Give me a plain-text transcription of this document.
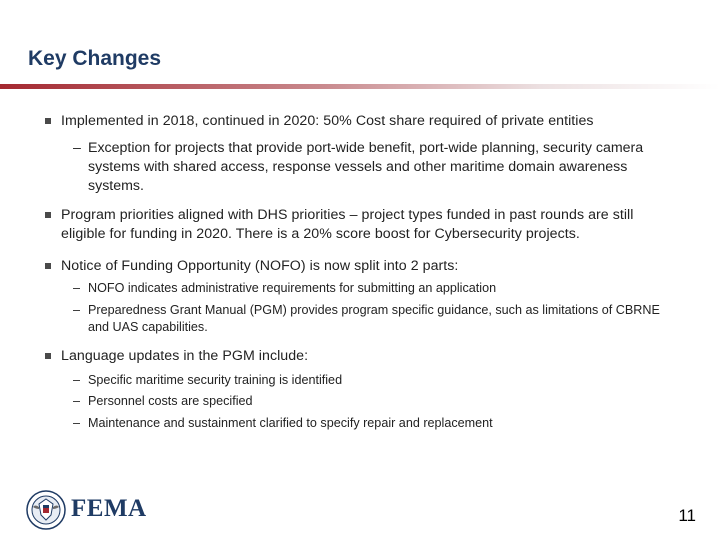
Key Changes
Implemented in 2018, continued in 2020: 50% Cost share required of private entities
– Exception for projects that provide port-wide benefit, port-wide planning, security camera systems with shared access, response vessels and other maritime domain awareness systems.
Program priorities aligned with DHS priorities – project types funded in past rounds are still eligible for funding in 2020. There is a 20% score boost for Cybersecurity projects.
Notice of Funding Opportunity (NOFO) is now split into 2 parts:
– NOFO indicates administrative requirements for submitting an application
– Preparedness Grant Manual (PGM) provides program specific guidance, such as limitations of CBRNE and UAS capabilities.
Language updates in the PGM include:
– Specific maritime security training is identified
– Personnel costs are specified
– Maintenance and sustainment clarified to specify repair and replacement
FEMA	11
